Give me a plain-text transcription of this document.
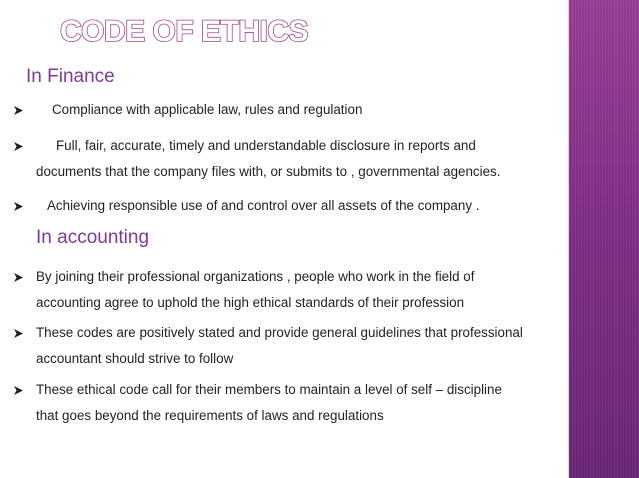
CODE OF ETHICS
In Finance
Compliance with applicable law, rules and regulation
Full, fair, accurate, timely and understandable disclosure in reports and
documents that the company files with, or submits to , governmental agencies.
Achieving responsible use of and control over all assets of the company .
In accounting
By joining their professional organizations , people who work in the field of
accounting agree to uphold the high ethical standards of their profession
These codes are positively stated and provide general guidelines that professional
accountant should strive to follow
These ethical code call for their members to maintain a level of self – discipline
that goes beyond the requirements of laws and regulations
